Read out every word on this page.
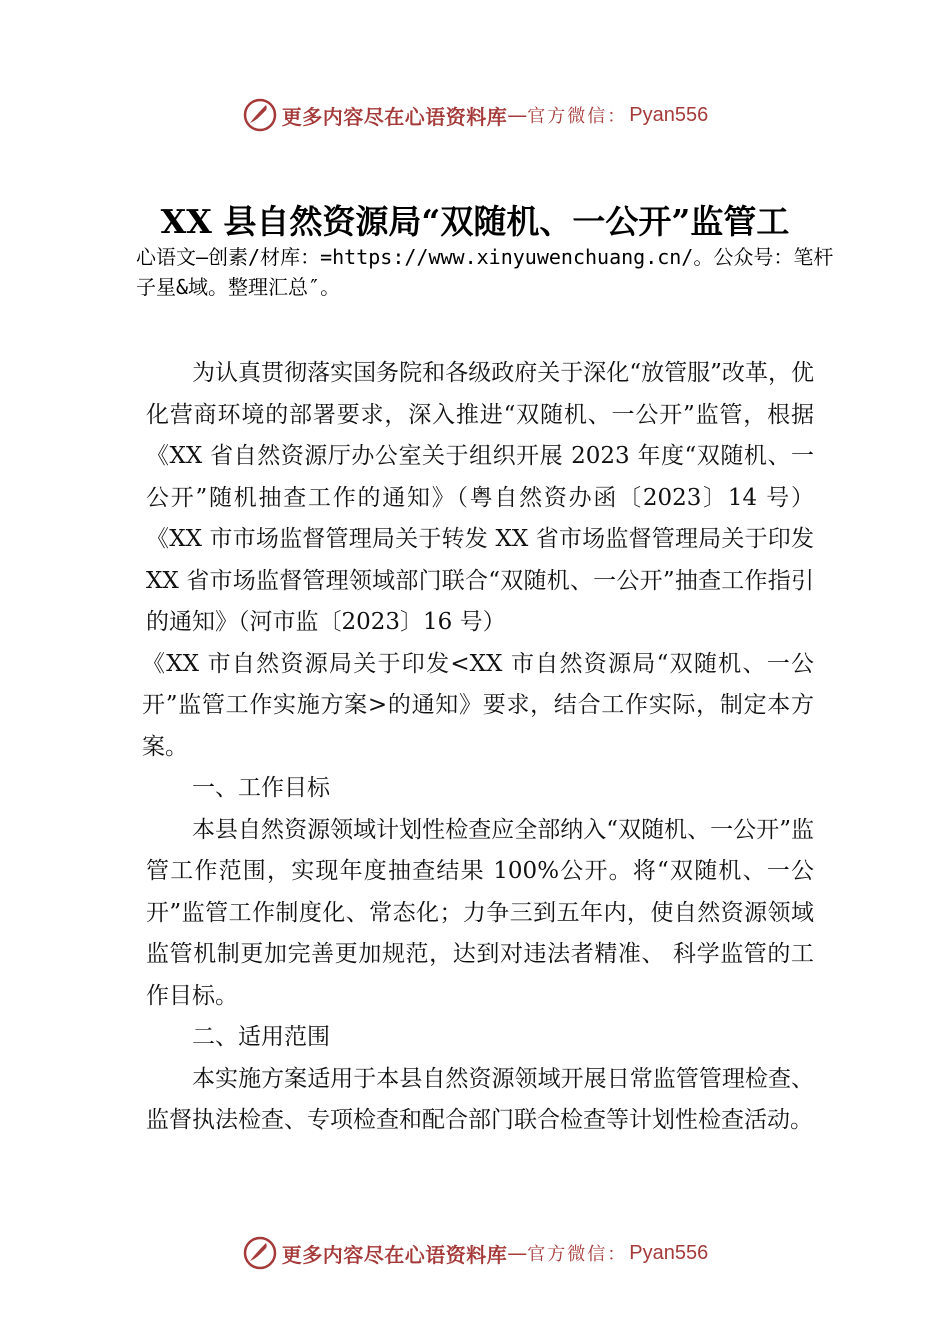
更多内容尽在心语资料库 — 官方微信： Pyan556
XX 县自然资源局“双随机、一公开”监管工
心语文—创素/材库：=https://www.xinyuwenchuang.cn/。公众号：笔杆子星&域。整理汇总″。

为认真贯彻落实国务院和各级政府关于深化“放管服”改革，优化营商环境的部署要求，深入推进“双随机、一公开”监管，根据《XX 省自然资源厅办公室关于组织开展 2023 年度“双随机、一公开”随机抽查工作的通知》（粤自然资办函〔2023〕14 号）《XX 市市场监督管理局关于转发 XX 省市场监督管理局关于印发 XX 省市场监督管理领域部门联合“双随机、一公开”抽查工作指引的通知》（河市监〔2023〕16 号）

《XX 市自然资源局关于印发<XX 市自然资源局“双随机、一公开”监管工作实施方案>的通知》要求，结合工作实际，制定本方案。

一、工作目标

本县自然资源领域计划性检查应全部纳入“双随机、一公开”监管工作范围，实现年度抽查结果 100%公开。将“双随机、一公开”监管工作制度化、常态化；力争三到五年内，使自然资源领域监管机制更加完善更加规范，达到对违法者精准、 科学监管的工作目标。

二、适用范围

本实施方案适用于本县自然资源领域开展日常监管管理检查、监督执法检查、专项检查和配合部门联合检查等计划性检查活动。

更多内容尽在心语资料库 — 官方微信： Pyan556
